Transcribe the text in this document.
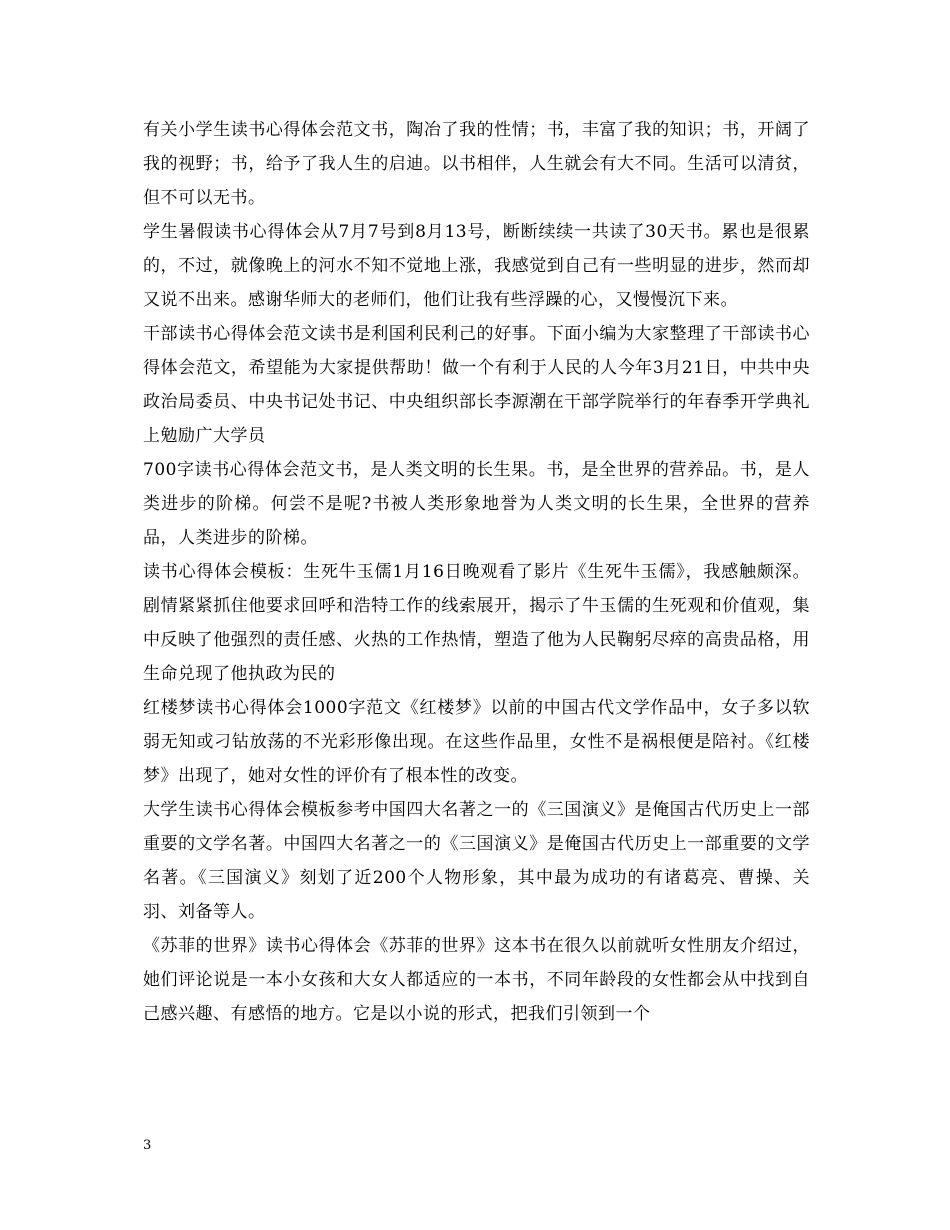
有关小学生读书心得体会范文书，陶冶了我的性情；书，丰富了我的知识；书，开阔了我的视野；书，给予了我人生的启迪。以书相伴，人生就会有大不同。生活可以清贫，但不可以无书。

学生暑假读书心得体会从7月7号到8月13号，断断续续一共读了30天书。累也是很累的，不过，就像晚上的河水不知不觉地上涨，我感觉到自己有一些明显的进步，然而却又说不出来。感谢华师大的老师们，他们让我有些浮躁的心，又慢慢沉下来。

干部读书心得体会范文读书是利国利民利己的好事。下面小编为大家整理了干部读书心得体会范文，希望能为大家提供帮助！做一个有利于人民的人今年3月21日，中共中央政治局委员、中央书记处书记、中央组织部长李源潮在干部学院举行的年春季开学典礼上勉励广大学员

700字读书心得体会范文书，是人类文明的长生果。书，是全世界的营养品。书，是人类进步的阶梯。何尝不是呢?书被人类形象地誉为人类文明的长生果，全世界的营养品，人类进步的阶梯。

读书心得体会模板：生死牛玉儒1月16日晚观看了影片《生死牛玉儒》，我感触颇深。剧情紧紧抓住他要求回呼和浩特工作的线索展开，揭示了牛玉儒的生死观和价值观，集中反映了他强烈的责任感、火热的工作热情，塑造了他为人民鞠躬尽瘁的高贵品格，用生命兑现了他执政为民的

红楼梦读书心得体会1000字范文《红楼梦》以前的中国古代文学作品中，女子多以软弱无知或刁钻放荡的不光彩形像出现。在这些作品里，女性不是祸根便是陪衬。《红楼梦》出现了，她对女性的评价有了根本性的改变。

大学生读书心得体会模板参考中国四大名著之一的《三国演义》是俺国古代历史上一部重要的文学名著。中国四大名著之一的《三国演义》是俺国古代历史上一部重要的文学名著。《三国演义》刻划了近200个人物形象，其中最为成功的有诸葛亮、曹操、关羽、刘备等人。

《苏菲的世界》读书心得体会《苏菲的世界》这本书在很久以前就听女性朋友介绍过，她们评论说是一本小女孩和大女人都适应的一本书，不同年龄段的女性都会从中找到自己感兴趣、有感悟的地方。它是以小说的形式，把我们引领到一个

3
